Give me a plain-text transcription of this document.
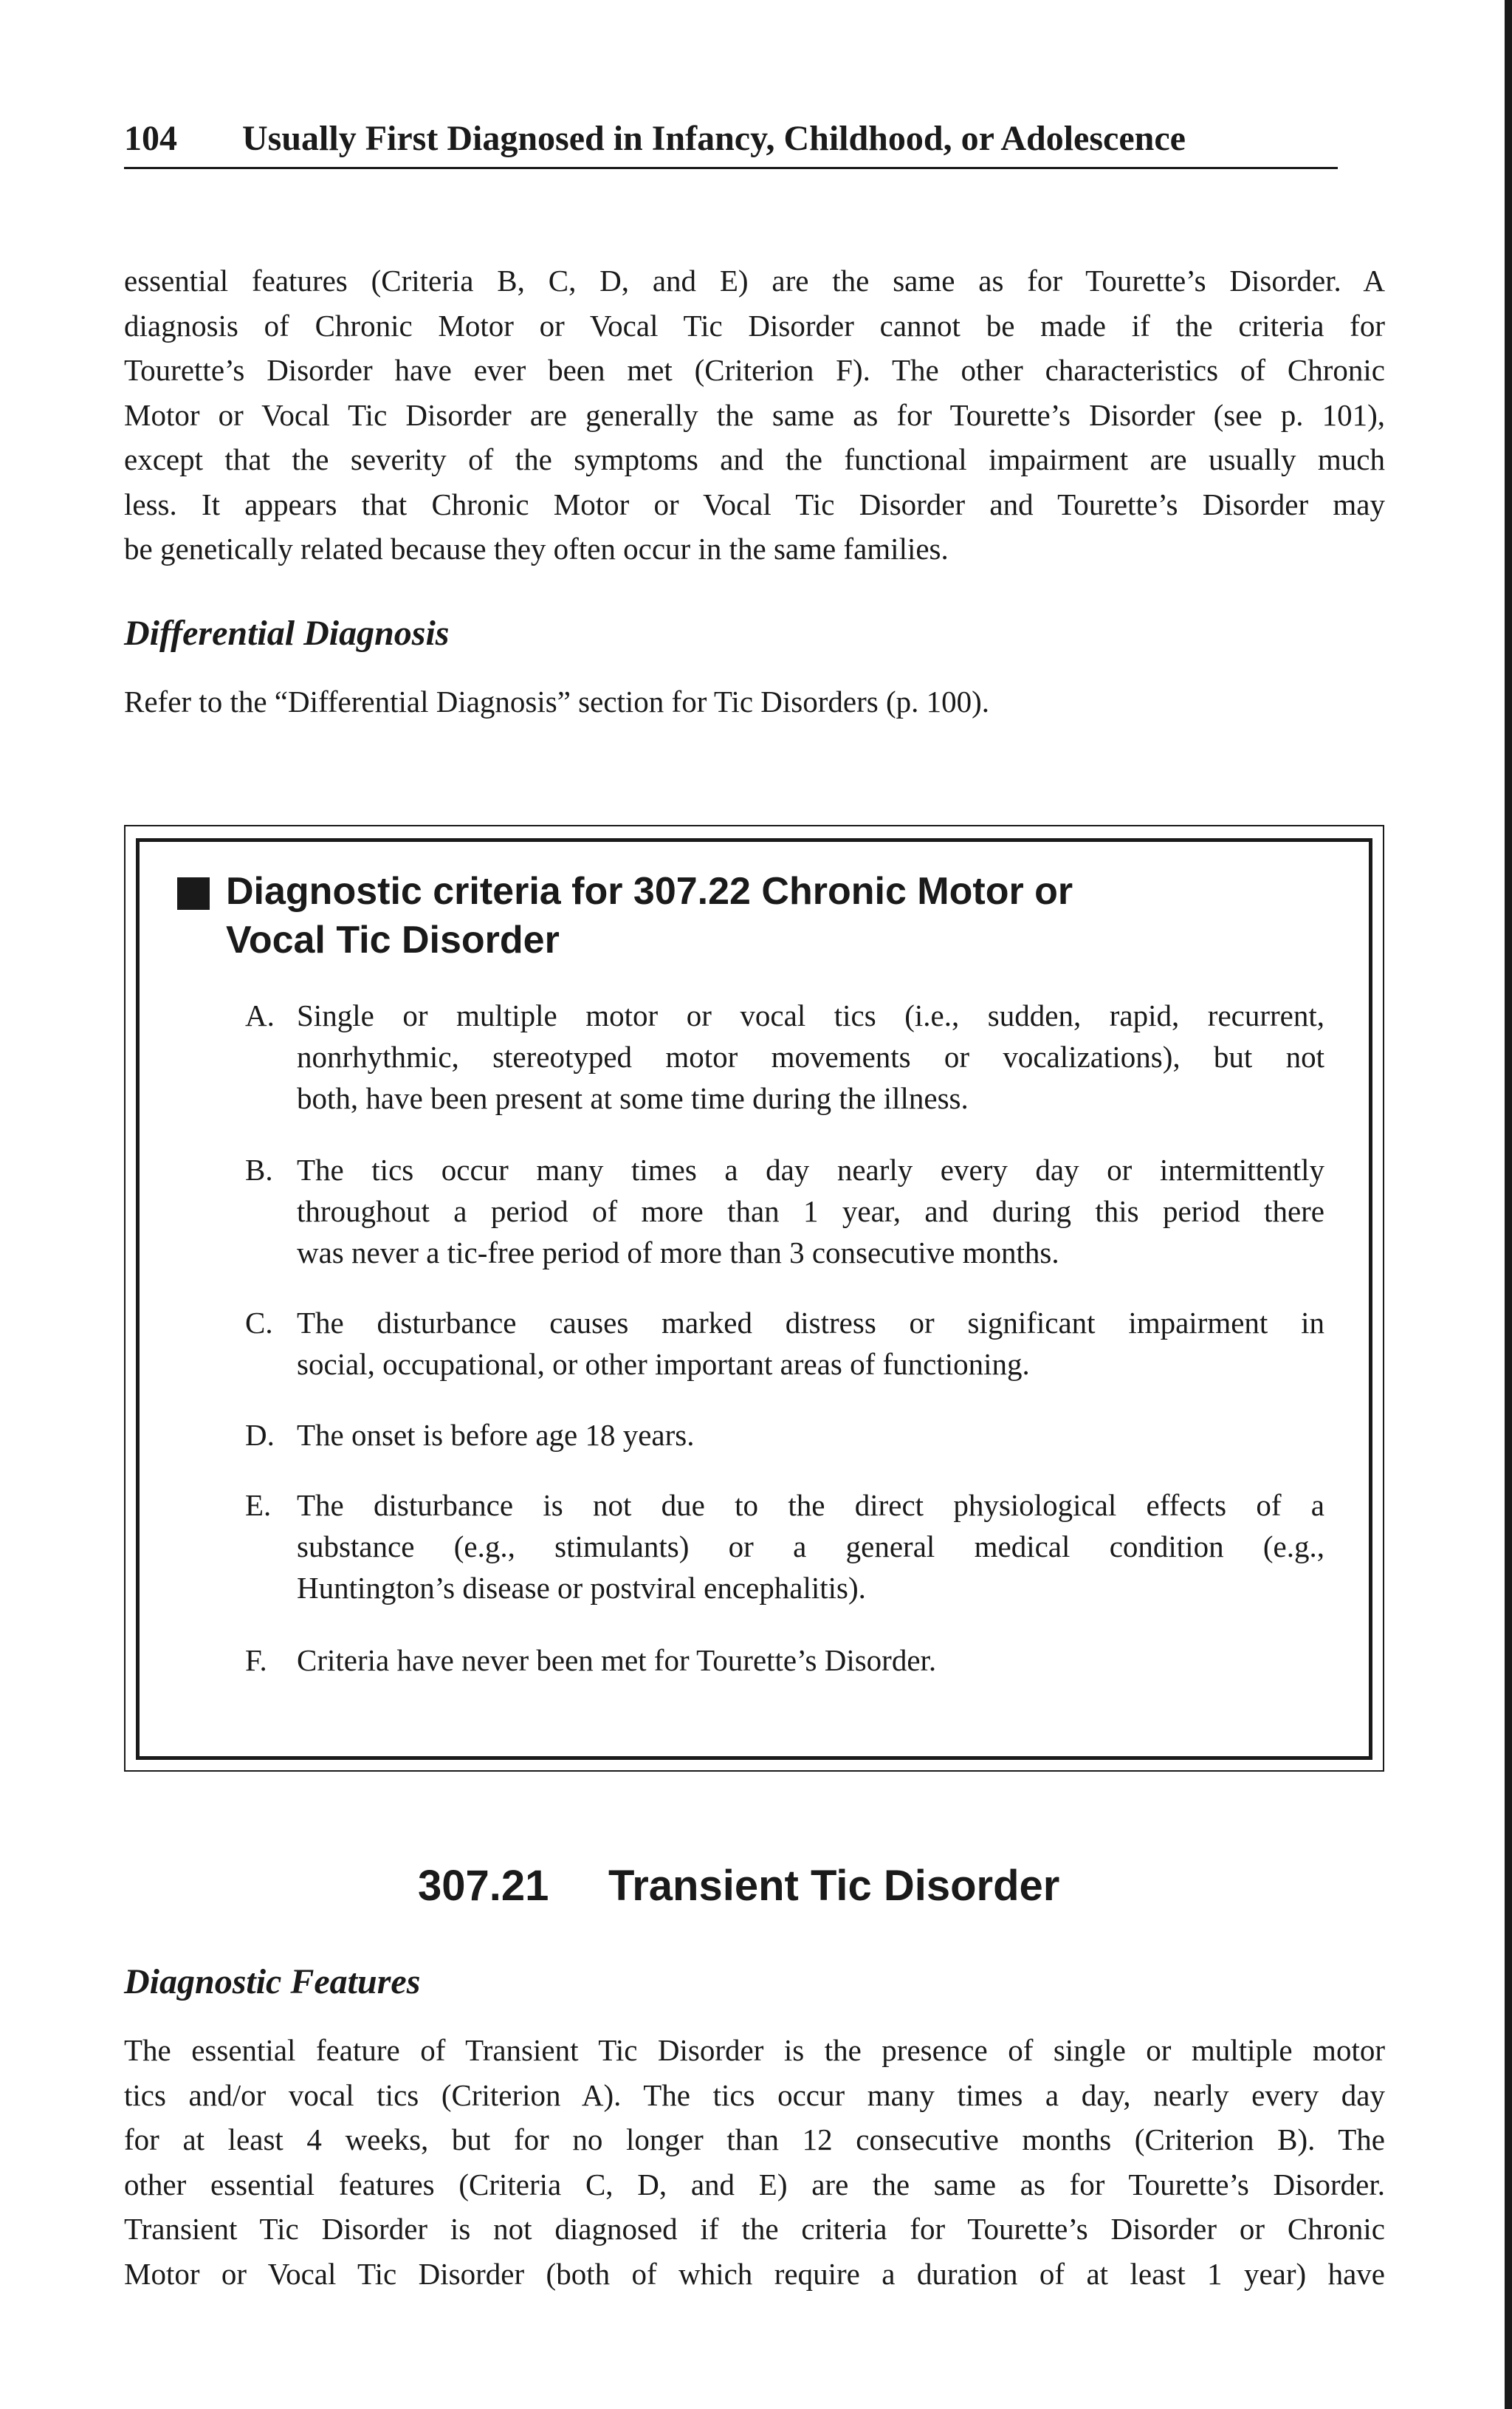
104 Usually First Diagnosed in Infancy, Childhood, or Adolescence

essential features (Criteria B, C, D, and E) are the same as for Tourette’s Disorder. A
diagnosis of Chronic Motor or Vocal Tic Disorder cannot be made if the criteria for
Tourette’s Disorder have ever been met (Criterion F). The other characteristics of Chronic
Motor or Vocal Tic Disorder are generally the same as for Tourette’s Disorder (see p. 101),
except that the severity of the symptoms and the functional impairment are usually much
less. It appears that Chronic Motor or Vocal Tic Disorder and Tourette’s Disorder may
be genetically related because they often occur in the same families.

Differential Diagnosis

Refer to the “Differential Diagnosis” section for Tic Disorders (p. 100).

Diagnostic criteria for 307.22 Chronic Motor or
Vocal Tic Disorder
A. Single or multiple motor or vocal tics (i.e., sudden, rapid, recurrent,
nonrhythmic, stereotyped motor movements or vocalizations), but not
both, have been present at some time during the illness.
B. The tics occur many times a day nearly every day or intermittently
throughout a period of more than 1 year, and during this period there
was never a tic-free period of more than 3 consecutive months.
C. The disturbance causes marked distress or significant impairment in
social, occupational, or other important areas of functioning.
D. The onset is before age 18 years.
E. The disturbance is not due to the direct physiological effects of a
substance (e.g., stimulants) or a general medical condition (e.g.,
Huntington’s disease or postviral encephalitis).
F. Criteria have never been met for Tourette’s Disorder.
307.21 Transient Tic Disorder
Diagnostic Features

The essential feature of Transient Tic Disorder is the presence of single or multiple motor
tics and/or vocal tics (Criterion A). The tics occur many times a day, nearly every day
for at least 4 weeks, but for no longer than 12 consecutive months (Criterion B). The
other essential features (Criteria C, D, and E) are the same as for Tourette’s Disorder.
Transient Tic Disorder is not diagnosed if the criteria for Tourette’s Disorder or Chronic
Motor or Vocal Tic Disorder (both of which require a duration of at least 1 year) have
